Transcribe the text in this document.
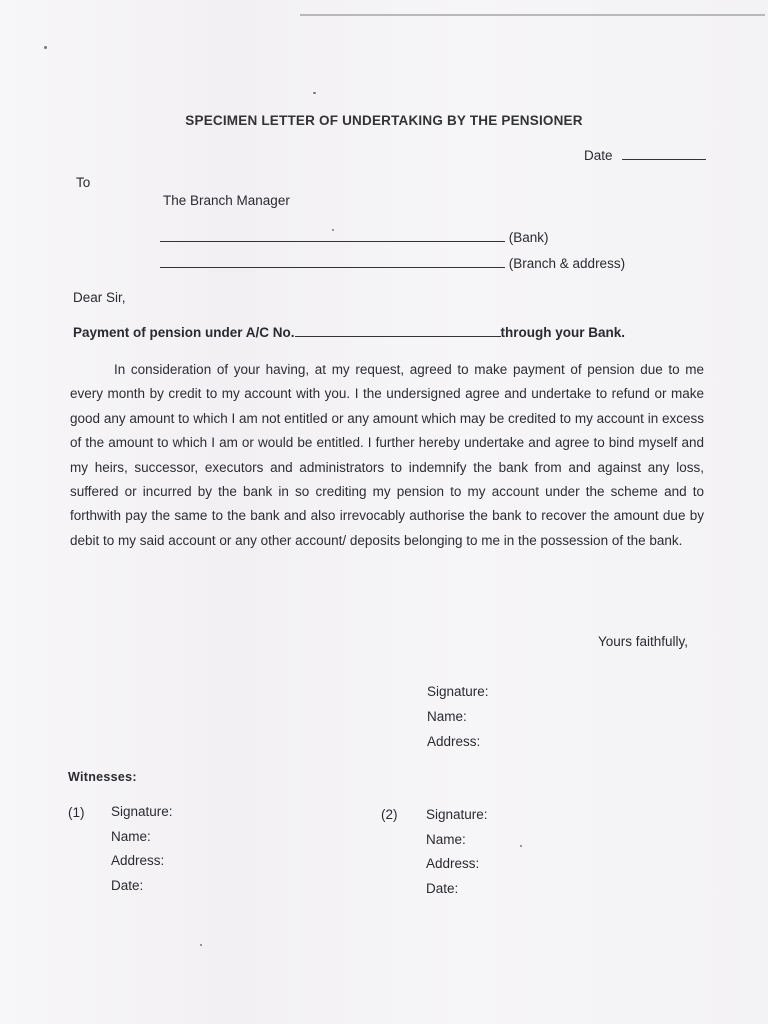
SPECIMEN LETTER OF UNDERTAKING BY THE PENSIONER
Date
To
The Branch Manager
(Bank)
(Branch & address)
Dear Sir,
Payment of pension under A/C No.	through your Bank.
In consideration of your having, at my request, agreed to make payment of pension due to me every month by credit to my account with you. I the undersigned agree and undertake to refund or make good any amount to which I am not entitled or any amount which may be credited to my account in excess of the amount to which I am or would be entitled. I further hereby undertake and agree to bind myself and my heirs, successor, executors and administrators to indemnify the bank from and against any loss, suffered or incurred by the bank in so crediting my pension to my account under the scheme and to forthwith pay the same to the bank and also irrevocably authorise the bank to recover the amount due by debit to my said account or any other account/ deposits belonging to me in the possession of the bank.
Yours faithfully,
Signature:
Name:
Address:
Witnesses:
(1) Signature:
Name:
Address:
Date:
(2) Signature:
Name:
Address:
Date:
